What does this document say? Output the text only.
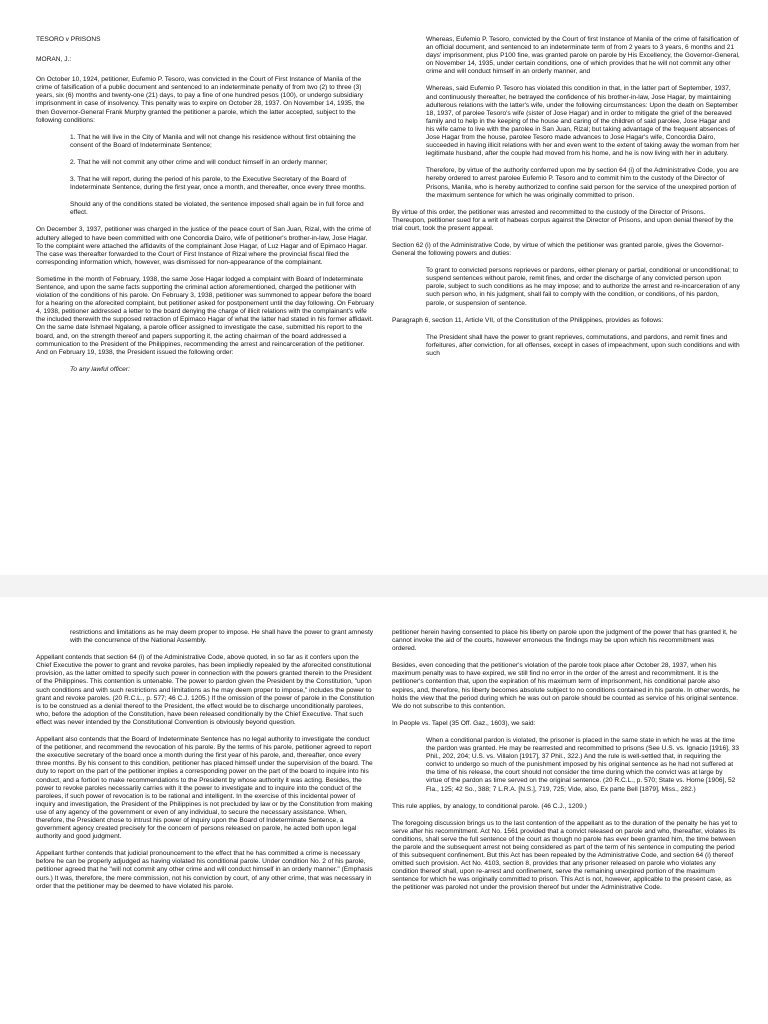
TESORO v PRISONS

MORAN, J.:

On October 10, 1924, petitioner, Eufemio P. Tesoro, was convicted in the Court of First Instance of Manila of the crime of falsification of a public document and sentenced to an indeterminate penalty of from two (2) to three (3) years, six (6) months and twenty-one (21) days, to pay a fine of one hundred pesos (100), or undergo subsidiary imprisonment in case of insolvency. This penalty was to expire on October 28, 1937. On November 14, 1935, the then Governor-General Frank Murphy granted the petitioner a parole, which the latter accepted, subject to the following conditions:

1. That he will live in the City of Manila and will not change his residence without first obtaining the consent of the Board of Indeterminate Sentence;

2. That he will not commit any other crime and will conduct himself in an orderly manner;

3. That he will report, during the period of his parole, to the Executive Secretary of the Board of Indeterminate Sentence, during the first year, once a month, and thereafter, once every three months.

Should any of the conditions stated be violated, the sentence imposed shall again be in full force and effect.

On December 3, 1937, petitioner was charged in the justice of the peace court of San Juan, Rizal, with the crime of adultery alleged to have been committed with one Concordia Dairo, wife of petitioner's brother-in-law, Jose Hagar. To the complaint were attached the affidavits of the complainant Jose Hagar, of Luz Hagar and of Epimaco Hagar. The case was thereafter forwarded to the Court of First Instance of Rizal where the provincial fiscal filed the corresponding information which, however, was dismissed for non-appearance of the complainant.

Sometime in the month of February, 1938, the same Jose Hagar lodged a complaint with Board of Indeterminate Sentence, and upon the same facts supporting the criminal action aforementioned, charged the petitioner with violation of the conditions of his parole. On February 3, 1938, petitioner was summoned to appear before the board for a hearing on the aforecited complaint, but petitioner asked for postponement until the day following. On February 4, 1938, petitioner addressed a letter to the board denying the charge of illicit relations with the complainant's wife the included therewith the supposed retraction of Epimaco Hagar of what the latter had stated in his former affidavit. On the same date Ishmael Ngalang, a parole officer assigned to investigate the case, submitted his report to the board, and, on the strength thereof and papers supporting it, the acting chairman of the board addressed a communication to the President of the Philippines, recommending the arrest and reincarceration of the petitioner. And on February 19, 1938, the President issued the following order:

To any lawful officer:

Whereas, Eufemio P. Tesoro, convicted by the Court of first Instance of Manila of the crime of falsification of an official document, and sentenced to an indeterminate term of from 2 years to 3 years, 6 months and 21 days' imprisonment, plus P100 fine, was granted parole on parole by His Excellency, the Governor-General, on November 14, 1935, under certain conditions, one of which provides that he will not commit any other crime and will conduct himself in an orderly manner, and

Whereas, said Eufemio P. Tesoro has violated this condition in that, in the latter part of September, 1937, and continuously thereafter, he betrayed the confidence of his brother-in-law, Jose Hagar, by maintaining adulterous relations with the latter's wife, under the following circumstances: Upon the death on September 18, 1937, of parolee Tesoro's wife (sister of Jose Hagar) and in order to mitigate the grief of the bereaved family and to help in the keeping of the house and caring of the children of said parolee, Jose Hagar and his wife came to live with the parolee in San Juan, Rizal; but taking advantage of the frequent absences of Jose Hagar from the house, parolee Tesoro made advances to Jose Hagar's wife, Concordia Dairo, succeeded in having illicit relations with her and even went to the extent of taking away the woman from her legitimate husband, after the couple had moved from his home, and he is now living with her in adultery.

Therefore, by virtue of the authority conferred upon me by section 64 (i) of the Administrative Code, you are hereby ordered to arrest parolee Eufemio P. Tesoro and to commit him to the custody of the Director of Prisons, Manila, who is hereby authorized to confine said person for the service of the unexpired portion of the maximum sentence for which he was originally committed to prison.

By virtue of this order, the petitioner was arrested and recommitted to the custody of the Director of Prisons. Thereupon, petitioner sued for a writ of habeas corpus against the Director of Prisons, and upon denial thereof by the trial court, took the present appeal.

Section 62 (i) of the Administrative Code, by virtue of which the petitioner was granted parole, gives the Governor-General the following powers and duties:

To grant to convicted persons reprieves or pardons, either plenary or partial, conditional or unconditional; to suspend sentences without parole, remit fines, and order the discharge of any convicted person upon parole, subject to such conditions as he may impose; and to authorize the arrest and re-incarceration of any such person who, in his judgment, shall fail to comply with the condition, or conditions, of his pardon, parole, or suspension of sentence.

Paragraph 6, section 11, Article VII, of the Constitution of the Philippines, provides as follows:

The President shall have the power to grant reprieves, commutations, and pardons, and remit fines and forfeitures, after conviction, for all offenses, except in cases of impeachment, upon such conditions and with such

restrictions and limitations as he may deem proper to impose. He shall have the power to grant amnesty with the concurrence of the National Assembly.

Appellant contends that section 64 (i) of the Administrative Code, above quoted, in so far as it confers upon the Chief Executive the power to grant and revoke paroles, has been impliedly repealed by the aforecited constitutional provision, as the latter omitted to specify such power in connection with the powers granted therein to the President of the Philippines. This contention is untenable. The power to pardon given the President by the Constitution, "upon such conditions and with such restrictions and limitations as he may deem proper to impose," includes the power to grant and revoke paroles. (20 R.C.L., p. 577; 46 C.J. 1205.) If the omission of the power of parole in the Constitution is to be construed as a denial thereof to the President, the effect would be to discharge unconditionally parolees, who, before the adoption of the Constitution, have been released conditionally by the Chief Executive. That such effect was never intended by the Constitutional Convention is obviously beyond question.

Appellant also contends that the Board of Indeterminate Sentence has no legal authority to investigate the conduct of the petitioner, and recommend the revocation of his parole. By the terms of his parole, petitioner agreed to report the executive secretary of the board once a month during the first year of his parole, and, thereafter, once every three months. By his consent to this condition, petitioner has placed himself under the supervision of the board. The duty to report on the part of the petitioner implies a corresponding power on the part of the board to inquire into his conduct, and a fortiori to make recommendations to the President by whose authority it was acting. Besides, the power to revoke paroles necessarily carries with it the power to investigate and to inquire into the conduct of the parolees, if such power of revocation is to be rational and intelligent. In the exercise of this incidental power of inquiry and investigation, the President of the Philippines is not precluded by law or by the Constitution from making use of any agency of the government or even of any individual, to secure the necessary assistance. When, therefore, the President chose to intrust his power of inquiry upon the Board of Indeterminate Sentence, a government agency created precisely for the concern of persons released on parole, he acted both upon legal authority and good judgment.

Appellant further contends that judicial pronouncement to the effect that he has committed a crime is necessary before he can be properly adjudged as having violated his conditional parole. Under condition No. 2 of his parole, petitioner agreed that he "will not commit any other crime and will conduct himself in an orderly manner." (Emphasis ours.) It was, therefore, the mere commission, not his conviction by court, of any other crime, that was necessary in order that the petitioner may be deemed to have violated his parole.

petitioner herein having consented to place his liberty on parole upon the judgment of the power that has granted it, he cannot invoke the aid of the courts, however erroneous the findings may be upon which his recommitment was ordered.

Besides, even conceding that the petitioner's violation of the parole took place after October 28, 1937, when his maximum penalty was to have expired, we still find no error in the order of the arrest and recommitment. It is the petitioner's contention that, upon the expiration of his maximum term of imprisonment, his conditional parole also expires, and, therefore, his liberty becomes absolute subject to no conditions contained in his parole. In other words, he holds the view that the period during which he was out on parole should be counted as service of his original sentence. We do not subscribe to this contention.

In People vs. Tapel (35 Off. Gaz., 1603), we said:

When a conditional pardon is violated, the prisoner is placed in the same state in which he was at the time the pardon was granted. He may be rearrested and recommitted to prisons (See U.S. vs. Ignacio [1916], 33 Phil., 202, 204; U.S. vs. Villalon [1917], 37 Phil., 322.) And the rule is well-settled that, in requiring the convict to undergo so much of the punishment imposed by his original sentence as he had not suffered at the time of his release, the court should not consider the time during which the convict was at large by virtue of the pardon as time served on the original sentence. (20 R.C.L., p. 570; State vs. Horne [1906], 52 Fla., 125; 42 So., 388; 7 L.R.A. [N.S.], 719, 725; Vide, also, Ex parte Bell [1879], Miss., 282.)

This rule applies, by analogy, to conditional parole. (46 C.J., 1209.)

The foregoing discussion brings us to the last contention of the appellant as to the duration of the penalty he has yet to serve after his recommitment. Act No. 1561 provided that a convict released on parole and who, thereafter, violates its conditions, shall serve the full sentence of the court as though no parole has ever been granted him, the time between the parole and the subsequent arrest not being considered as part of the term of his sentence in computing the period of this subsequent confinement. But this Act has been repealed by the Administrative Code, and section 64 (i) thereof omitted such provision. Act No. 4103, section 8, provides that any prisoner released on parole who violates any condition thereof shall, upon re-arrest and confinement, serve the remaining unexpired portion of the maximum sentence for which he was originally committed to prison. This Act is not, however, applicable to the present case, as the petitioner was paroled not under the provision thereof but under the Administrative Code.
